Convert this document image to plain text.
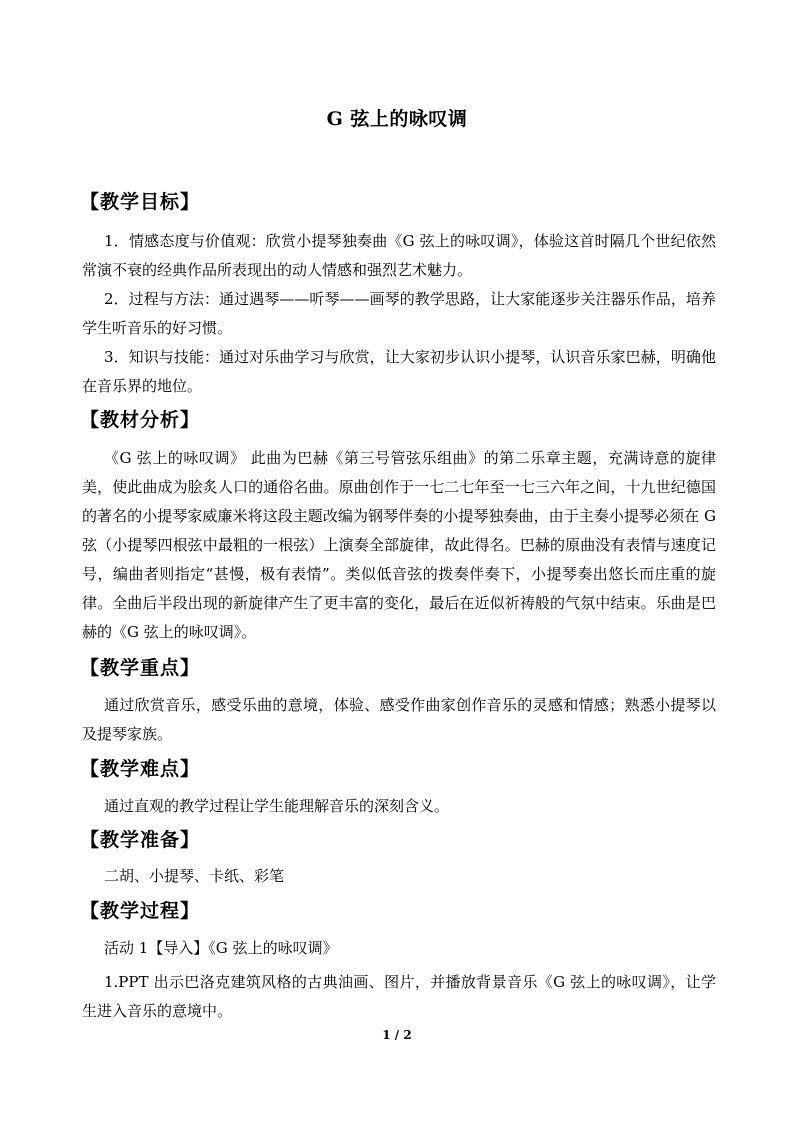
G 弦上的咏叹调
【教学目标】
1．情感态度与价值观：欣赏小提琴独奏曲《G 弦上的咏叹调》，体验这首时隔几个世纪依然常演不衰的经典作品所表现出的动人情感和强烈艺术魅力。
2．过程与方法：通过遇琴——听琴——画琴的教学思路，让大家能逐步关注器乐作品，培养学生听音乐的好习惯。
3．知识与技能：通过对乐曲学习与欣赏，让大家初步认识小提琴，认识音乐家巴赫，明确他在音乐界的地位。
【教材分析】
《G 弦上的咏叹调》 此曲为巴赫《第三号管弦乐组曲》的第二乐章主题，充满诗意的旋律美，使此曲成为脍炙人口的通俗名曲。原曲创作于一七二七年至一七三六年之间，十九世纪德国的著名的小提琴家威廉米将这段主题改编为钢琴伴奏的小提琴独奏曲，由于主奏小提琴必须在 G 弦（小提琴四根弦中最粗的一根弦）上演奏全部旋律，故此得名。巴赫的原曲没有表情与速度记号，编曲者则指定“甚慢，极有表情”。类似低音弦的拨奏伴奏下，小提琴奏出悠长而庄重的旋律。全曲后半段出现的新旋律产生了更丰富的变化，最后在近似祈祷般的气氛中结束。乐曲是巴赫的《G 弦上的咏叹调》。
【教学重点】
通过欣赏音乐，感受乐曲的意境，体验、感受作曲家创作音乐的灵感和情感；熟悉小提琴以及提琴家族。
【教学难点】
通过直观的教学过程让学生能理解音乐的深刻含义。
【教学准备】
二胡、小提琴、卡纸、彩笔
【教学过程】
活动 1【导入】《G 弦上的咏叹调》
1.PPT 出示巴洛克建筑风格的古典油画、图片，并播放背景音乐《G 弦上的咏叹调》，让学生进入音乐的意境中。
1 / 2
